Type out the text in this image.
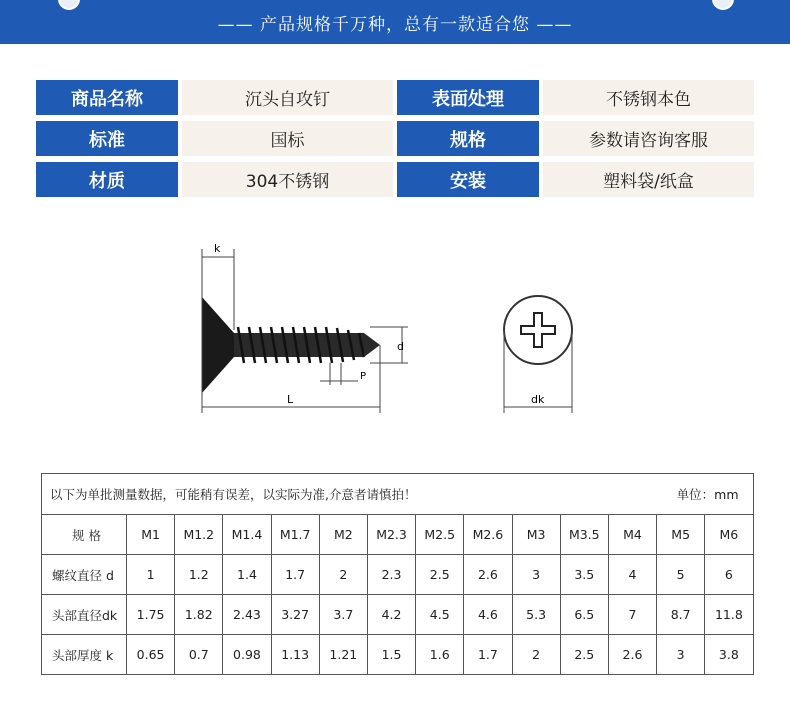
—— 产品规格千万种，总有一款适合您 ——
商品名称	沉头自攻钉	表面处理	不锈钢本色
标准	国标	规格	参数请咨询客服
材质	304不锈钢	安装	塑料袋/纸盒
k
d
P
L	dk
单位：mm
以下为单批测量数据，可能稍有误差，以实际为准,介意者请慎拍！													
规 格	M1	M1.2	M1.4	M1.7	M2	M2.3	M2.5	M2.6	M3	M3.5	M4	M5	M6
螺纹直径 d	1	1.2	1.4	1.7	2	2.3	2.5	2.6	3	3.5	4	5	6
头部直径dk	1.75	1.82	2.43	3.27	3.7	4.2	4.5	4.6	5.3	6.5	7	8.7	11.8
头部厚度 k	0.65	0.7	0.98	1.13	1.21	1.5	1.6	1.7	2	2.5	2.6	3	3.8
